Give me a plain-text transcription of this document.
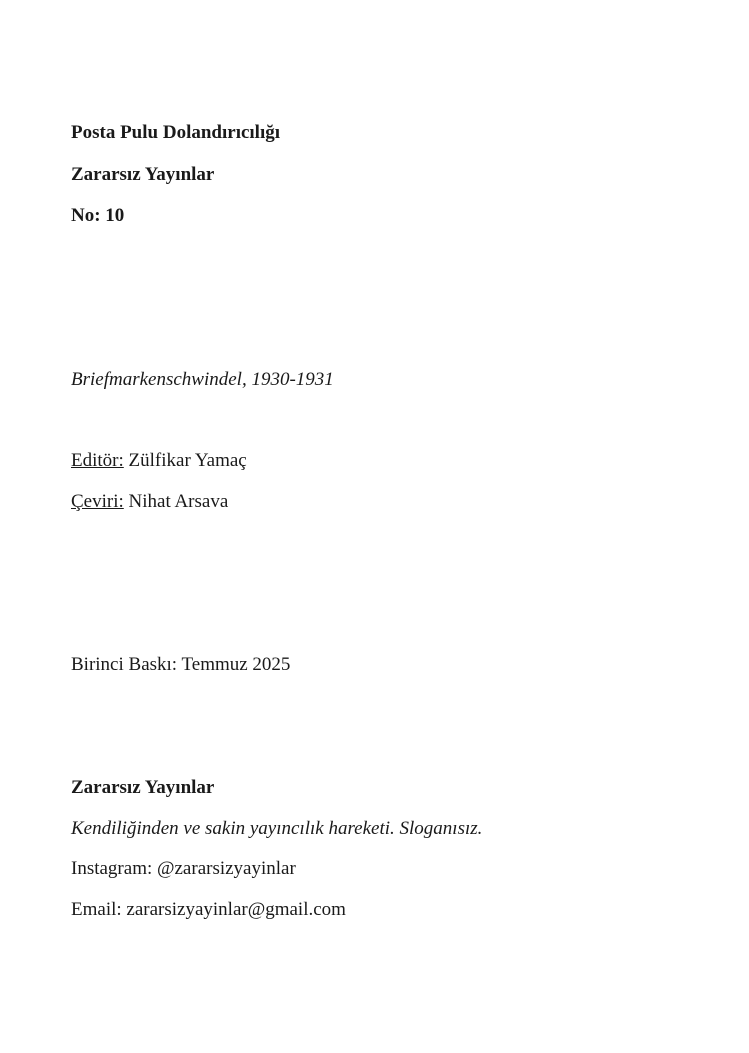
Posta Pulu Dolandırıcılığı
Zararsız Yayınlar
No: 10
Briefmarkenschwindel, 1930-1931
Editör: Zülfikar Yamaç
Çeviri: Nihat Arsava
Birinci Baskı: Temmuz 2025
Zararsız Yayınlar
Kendiliğinden ve sakin yayıncılık hareketi. Sloganısız.
Instagram: @zararsizyayinlar
Email: zararsizyayinlar@gmail.com
